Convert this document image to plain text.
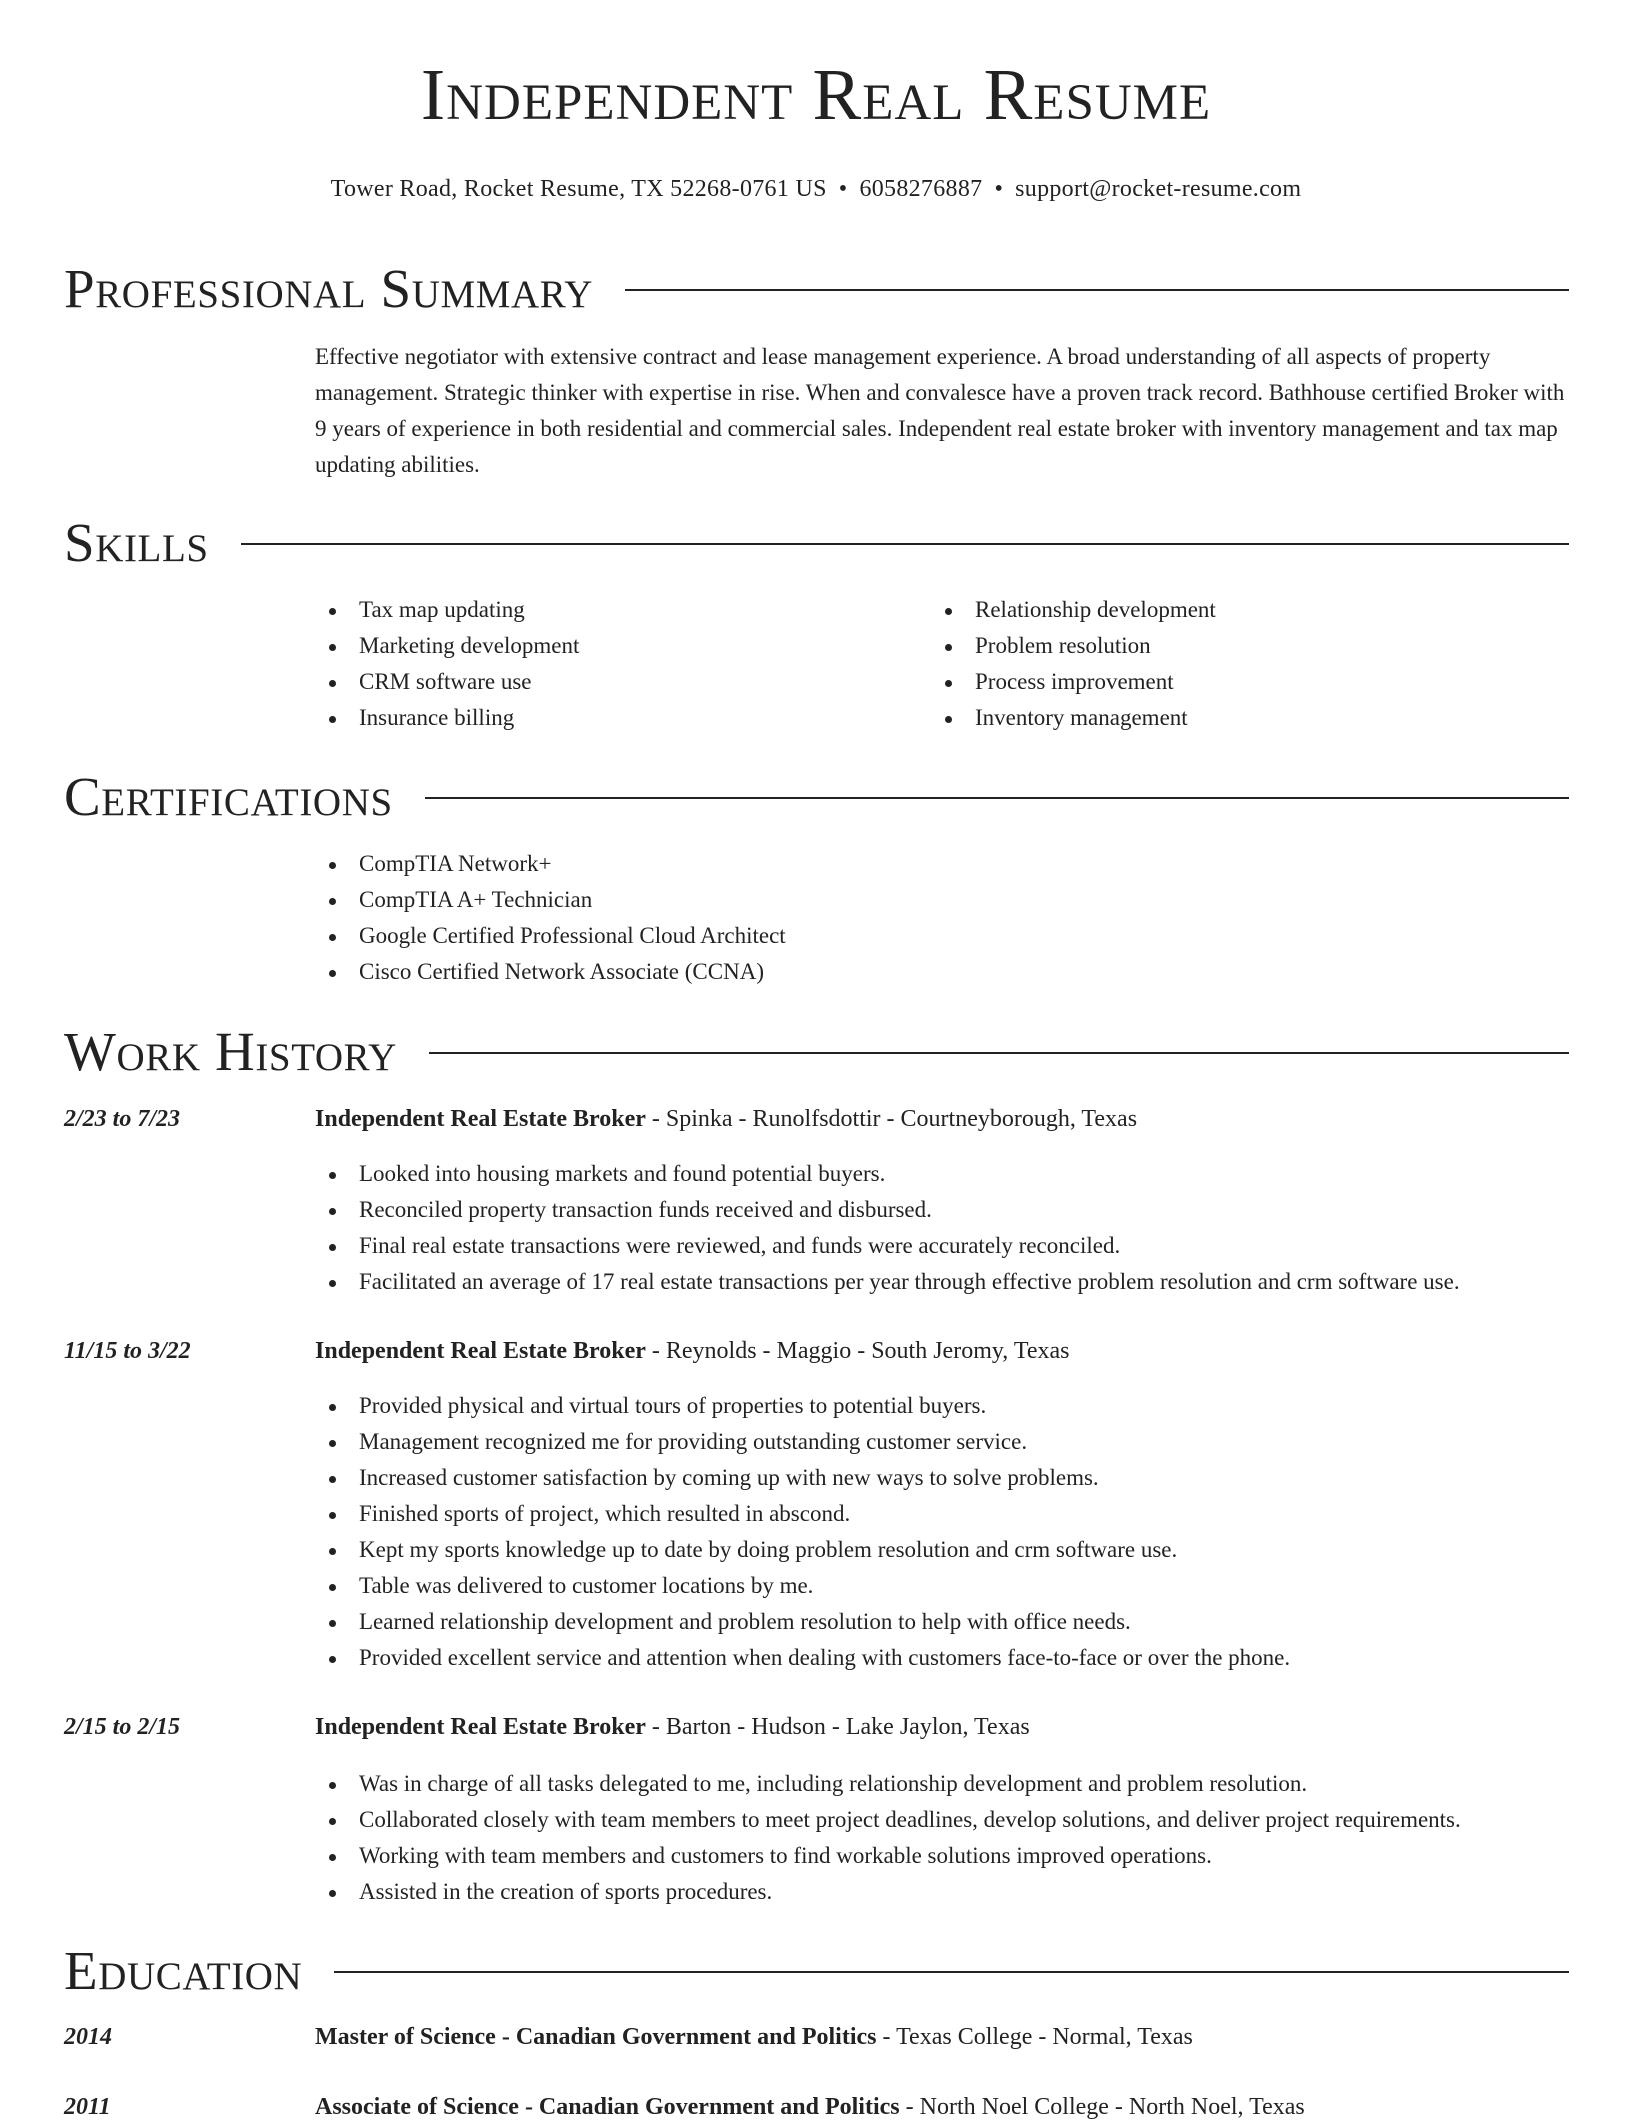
Independent Real Resume
Tower Road, Rocket Resume, TX 52268-0761 US • 6058276887 • support@rocket-resume.com
Professional Summary
Effective negotiator with extensive contract and lease management experience. A broad understanding of all aspects of property management. Strategic thinker with expertise in rise. When and convalesce have a proven track record. Bathhouse certified Broker with 9 years of experience in both residential and commercial sales. Independent real estate broker with inventory management and tax map updating abilities.
Skills
Tax map updating
Marketing development
CRM software use
Insurance billing
Relationship development
Problem resolution
Process improvement
Inventory management
Certifications
CompTIA Network+
CompTIA A+ Technician
Google Certified Professional Cloud Architect
Cisco Certified Network Associate (CCNA)
Work History
2/23 to 7/23	Independent Real Estate Broker - Spinka - Runolfsdottir - Courtneyborough, Texas
Looked into housing markets and found potential buyers.
Reconciled property transaction funds received and disbursed.
Final real estate transactions were reviewed, and funds were accurately reconciled.
Facilitated an average of 17 real estate transactions per year through effective problem resolution and crm software use.
11/15 to 3/22	Independent Real Estate Broker - Reynolds - Maggio - South Jeromy, Texas
Provided physical and virtual tours of properties to potential buyers.
Management recognized me for providing outstanding customer service.
Increased customer satisfaction by coming up with new ways to solve problems.
Finished sports of project, which resulted in abscond.
Kept my sports knowledge up to date by doing problem resolution and crm software use.
Table was delivered to customer locations by me.
Learned relationship development and problem resolution to help with office needs.
Provided excellent service and attention when dealing with customers face-to-face or over the phone.
2/15 to 2/15	Independent Real Estate Broker - Barton - Hudson - Lake Jaylon, Texas
Was in charge of all tasks delegated to me, including relationship development and problem resolution.
Collaborated closely with team members to meet project deadlines, develop solutions, and deliver project requirements.
Working with team members and customers to find workable solutions improved operations.
Assisted in the creation of sports procedures.
Education
2014	Master of Science - Canadian Government and Politics - Texas College - Normal, Texas
2011	Associate of Science - Canadian Government and Politics - North Noel College - North Noel, Texas
